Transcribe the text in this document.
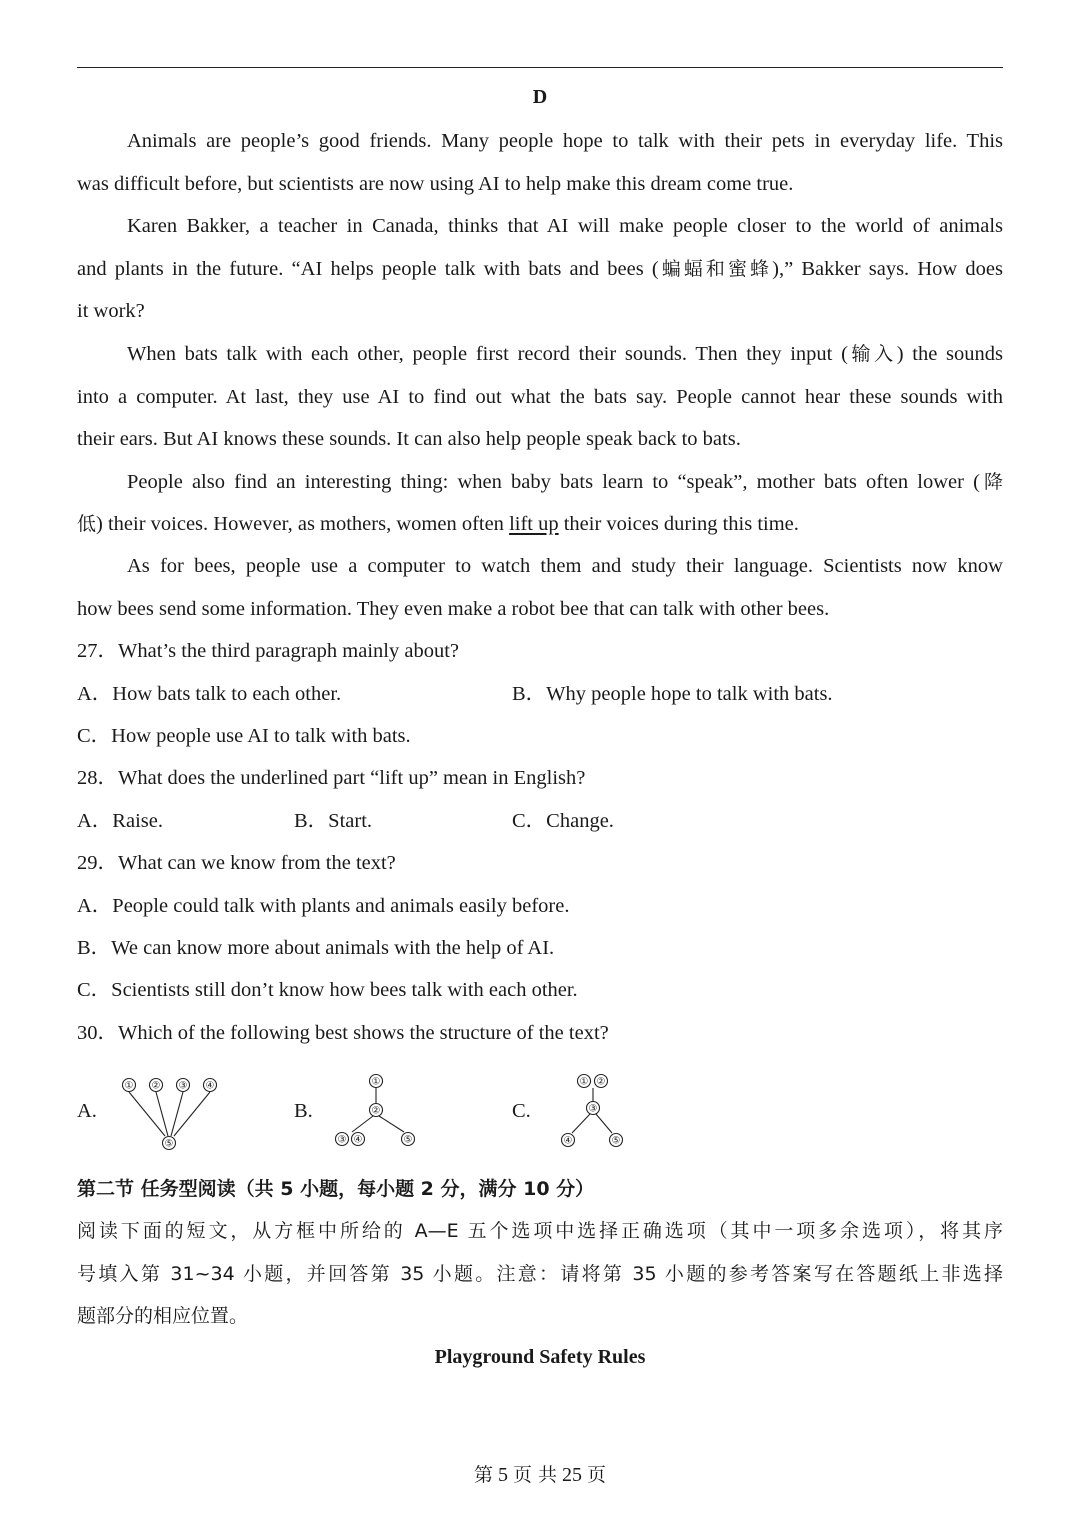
D
Animals are people’s good friends. Many people hope to talk with their pets in everyday life. This
was difficult before, but scientists are now using AI to help make this dream come true.
Karen Bakker, a teacher in Canada, thinks that AI will make people closer to the world of animals
and plants in the future. “AI helps people talk with bats and bees (蝙蝠和蜜蜂),” Bakker says. How does
it work?
When bats talk with each other, people first record their sounds. Then they input (输入) the sounds
into a computer. At last, they use AI to find out what the bats say. People cannot hear these sounds with
their ears. But AI knows these sounds. It can also help people speak back to bats.
People also find an interesting thing: when baby bats learn to “speak”, mother bats often lower (降
低) their voices. However, as mothers, women often lift up their voices during this time.
As for bees, people use a computer to watch them and study their language. Scientists now know
how bees send some information. They even make a robot bee that can talk with other bees.
27．What’s the third paragraph mainly about?
A．How bats talk to each other.	B．Why people hope to talk with bats.
C．How people use AI to talk with bats.
28．What does the underlined part “lift up” mean in English?
A．Raise.	B．Start.	C．Change.
29．What can we know from the text?
A．People could talk with plants and animals easily before.
B．We can know more about animals with the help of AI.
C．Scientists still don’t know how bees talk with each other.
30．Which of the following best shows the structure of the text?
A.	B.	C.
① ② ③ ④
⑤
①
②
③ ④	⑤
① ②
③
④	⑤
第二节 任务型阅读（共 5 小题，每小题 2 分，满分 10 分）
阅读下面的短文，从方框中所给的 A—E 五个选项中选择正确选项（其中一项多余选项），将其序
号填入第 31~34 小题，并回答第 35 小题。注意：请将第 35 小题的参考答案写在答题纸上非选择
题部分的相应位置。
Playground Safety Rules
第 5 页 共 25 页
